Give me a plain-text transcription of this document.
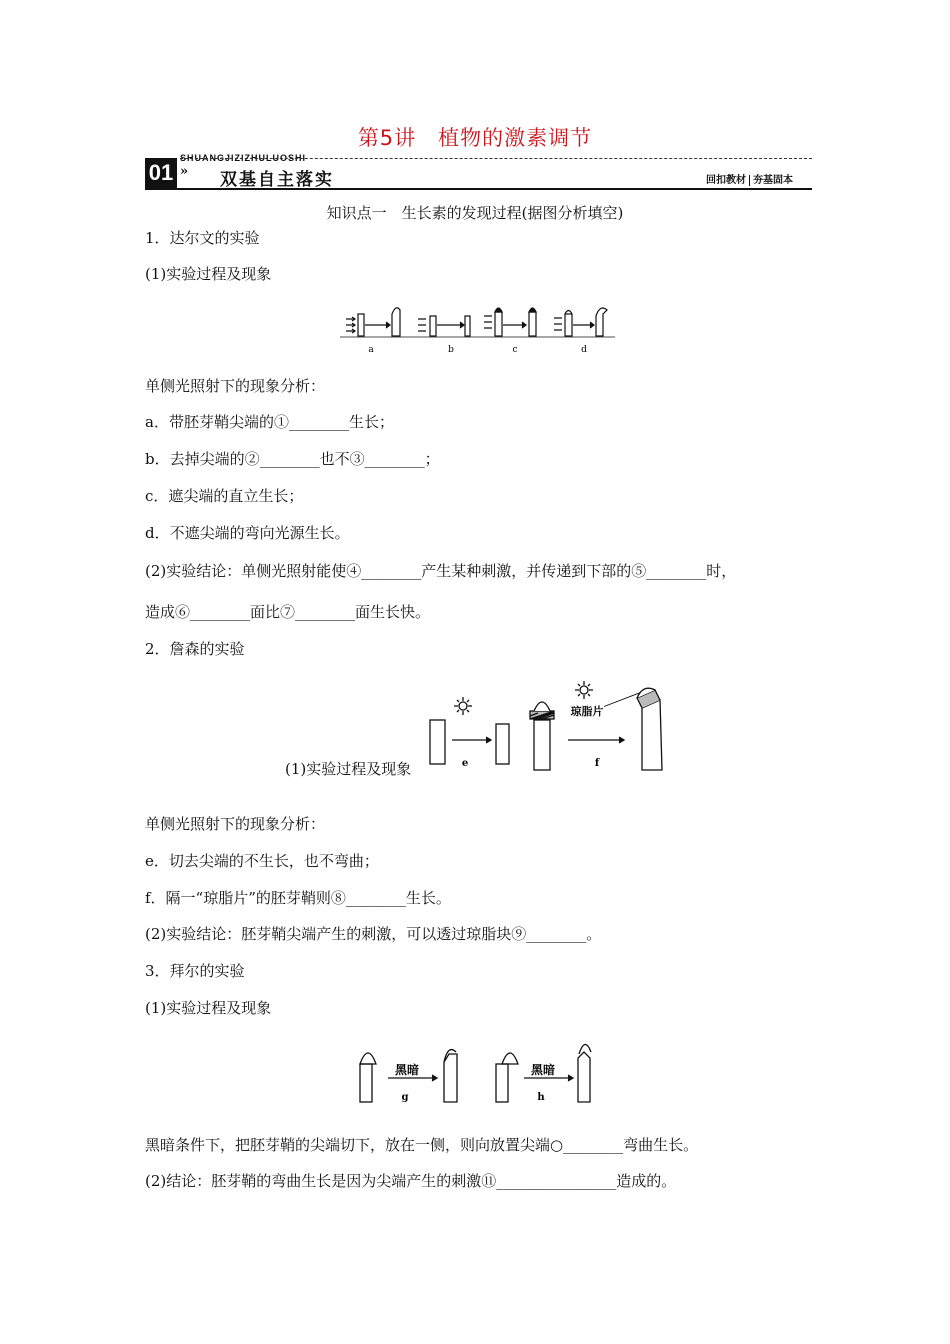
第5讲　植物的激素调节
SHUANGJIZIZHULUOSHI
01 » 双基自主落实	回扣教材 夯基固本
知识点一　生长素的发现过程(据图分析填空)
1．达尔文的实验
(1)实验过程及现象
a	b	c	d
单侧光照射下的现象分析：
a．带胚芽鞘尖端的①________生长；
b．去掉尖端的②________也不③________；
c．遮尖端的直立生长；
d．不遮尖端的弯向光源生长。
(2)实验结论：单侧光照射能使④________产生某种刺激，并传递到下部的⑤________时，
造成⑥________面比⑦________面生长快。
2．詹森的实验
琼脂片
e	f
(1)实验过程及现象
单侧光照射下的现象分析：
e．切去尖端的不生长，也不弯曲；
f．隔一“琼脂片”的胚芽鞘则⑧________生长。
(2)实验结论：胚芽鞘尖端产生的刺激，可以透过琼脂块⑨________。
3．拜尔的实验
(1)实验过程及现象
黑暗	黑暗
g	h
黑暗条件下，把胚芽鞘的尖端切下，放在一侧，则向放置尖端○________弯曲生长。
(2)结论：胚芽鞘的弯曲生长是因为尖端产生的刺激⑪________________造成的。
